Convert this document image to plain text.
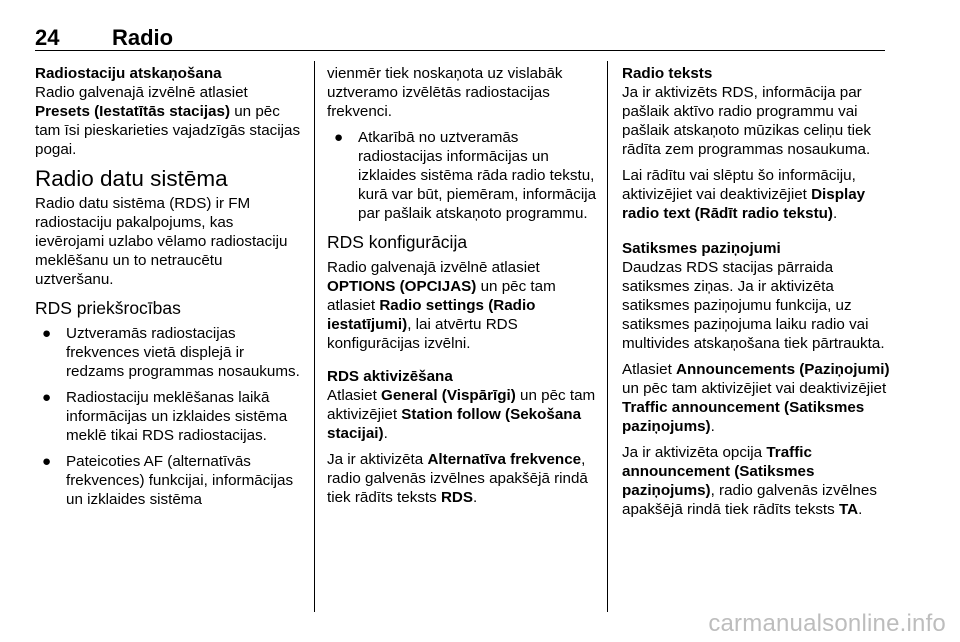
24 Radio
Radiostaciju atskaņošana

Radio galvenajā izvēlnē atlasiet Presets (Iestatītās stacijas) un pēc tam īsi pieskarieties vajadzīgās stacijas pogai.

Radio datu sistēma

Radio datu sistēma (RDS) ir FM radiostaciju pakalpojums, kas ievērojami uzlabo vēlamo radiostaciju meklēšanu un to netraucētu uztveršanu.

RDS priekšrocības
● Uztveramās radiostacijas frekvences vietā displejā ir redzams programmas nosaukums.
● Radiostaciju meklēšanas laikā informācijas un izklaides sistēma meklē tikai RDS radiostacijas.
● Pateicoties AF (alternatīvās frekvences) funkcijai, informācijas un izklaides sistēma

vienmēr tiek noskaņota uz vislabāk uztveramo izvēlētās radiostacijas frekvenci.

● Atkarībā no uztveramās radiostacijas informācijas un izklaides sistēma rāda radio tekstu, kurā var būt, piemēram, informācija par pašlaik atskaņoto programmu.
RDS konfigurācija

Radio galvenajā izvēlnē atlasiet OPTIONS (OPCIJAS) un pēc tam atlasiet Radio settings (Radio iestatījumi), lai atvērtu RDS konfigurācijas izvēlni.

RDS aktivizēšana

Atlasiet General (Vispārīgi) un pēc tam aktivizējiet Station follow (Sekošana stacijai).

Ja ir aktivizēta Alternatīva frekvence, radio galvenās izvēlnes apakšējā rindā tiek rādīts teksts RDS.

Radio teksts

Ja ir aktivizēts RDS, informācija par pašlaik aktīvo radio programmu vai pašlaik atskaņoto mūzikas celiņu tiek rādīta zem programmas nosaukuma.

Lai rādītu vai slēptu šo informāciju, aktivizējiet vai deaktivizējiet Display radio text (Rādīt radio tekstu).

Satiksmes paziņojumi

Daudzas RDS stacijas pārraida satiksmes ziņas. Ja ir aktivizēta satiksmes paziņojumu funkcija, uz satiksmes paziņojuma laiku radio vai multivides atskaņošana tiek pārtraukta.

Atlasiet Announcements (Paziņojumi) un pēc tam aktivizējiet vai deaktivizējiet Traffic announcement (Satiksmes paziņojums).

Ja ir aktivizēta opcija Traffic announcement (Satiksmes paziņojums), radio galvenās izvēlnes apakšējā rindā tiek rādīts teksts TA.

carmanualsonline.info
